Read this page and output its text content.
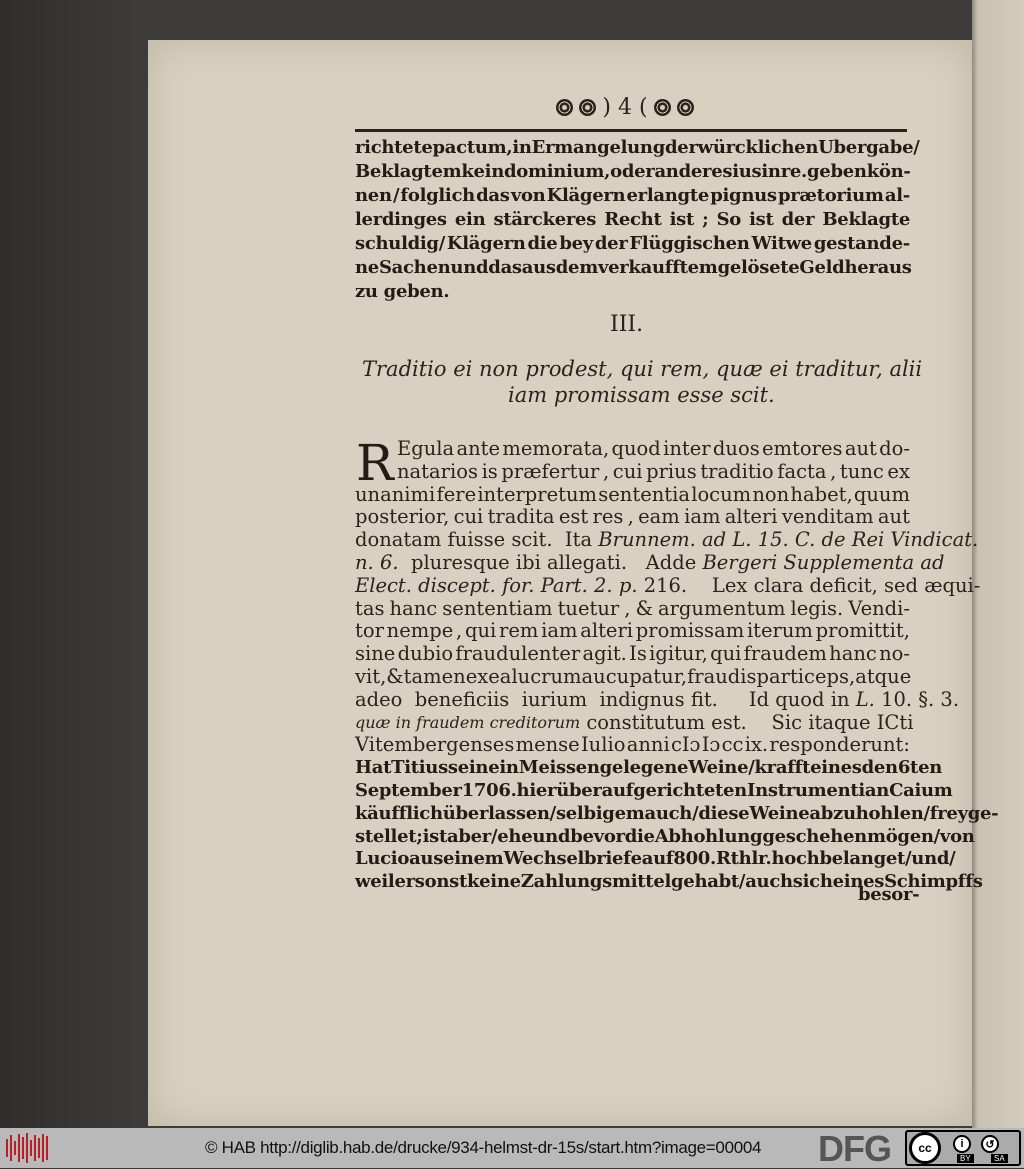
) 4 (
richtete pactum , in Ermangelung der würcklichen Ubergabe/
Beklagtem kein dominium, oder anderes ius in re. geben kön-
nen / folglich das von Klägern erlangte pignus prætorium al-
lerdinges ein stärckeres Recht ist ; So ist der Beklagte
schuldig/ Klägern die bey der Flüggischen Witwe gestande-
ne Sachen und das aus dem verkaufftem gelösete Geld heraus
zu geben.
III.
Traditio ei non prodest, qui rem, quæ ei traditur, alii
iam promissam esse scit.
R Egula ante memorata, quod inter duos emtores aut do-
natarios is præfertur , cui prius traditio facta , tunc ex
unanimi fere interpretum sententia locum non habet, quum
posterior, cui tradita est res , eam iam alteri venditam aut
donatam fuisse scit.  Ita Brunnem. ad L. 15. C. de Rei Vindicat.
n. 6. pluresque ibi allegati.   Adde Bergeri Supplementa ad
Elect. discept. for. Part. 2. p. 216.    Lex clara deficit, sed æqui-
tas hanc sententiam tuetur , & argumentum legis. Vendi-
tor nempe , qui rem iam alteri promissam iterum promittit,
sine dubio fraudulenter agit. Is igitur, qui fraudem hanc no-
vit, & tamen ex ea lucrum aucupatur, fraudis particeps, atque
adeo  beneficiis  iurium  indignus fit.     Id quod in L. 10. §. 3.
quæ in fraudem creditorum constitutum est.    Sic itaque ICti
Vitembergenses mense Iulio anni cIɔ Iɔ cc ix. responderunt:
Hat Titius seine in Meissen gelegene Weine/ krafft eines den 6ten
September 1706. hierüber aufgerichteten Instrumenti an Caium
käufflich überlassen/ selbigem auch/ diese Weine abzuhohlen/frey ge-
stellet; ist aber/ ehe und bevor die Abhohlung geschehen mögen/von
Lucio aus einem Wechselbriefe auf 800. Rthlr. hoch belanget/und/
weil er sonst keine Zahlungsmittel gehabt/ auch sich eines Schimpffs
besor-
© HAB http://diglib.hab.de/drucke/934-helmst-dr-15s/start.htm?image=00004 DFG	cc	i	↺
BY	SA
